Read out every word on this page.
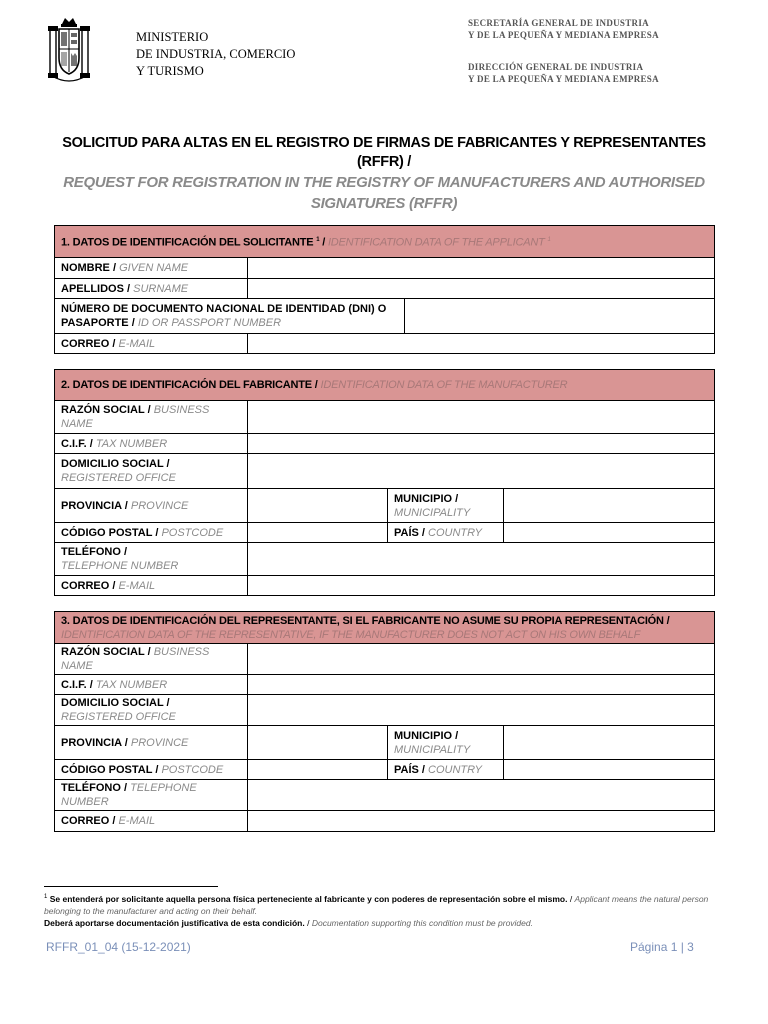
MINISTERIO
DE INDUSTRIA, COMERCIO
Y TURISMO
SECRETARÍA GENERAL DE INDUSTRIA
Y DE LA PEQUEÑA Y MEDIANA EMPRESA
DIRECCIÓN GENERAL DE INDUSTRIA
Y DE LA PEQUEÑA Y MEDIANA EMPRESA
SOLICITUD PARA ALTAS EN EL REGISTRO DE FIRMAS DE FABRICANTES Y REPRESENTANTES (RFFR) /
REQUEST FOR REGISTRATION IN THE REGISTRY OF MANUFACTURERS AND AUTHORISED
SIGNATURES (RFFR)
1. DATOS DE IDENTIFICACIÓN DEL SOLICITANTE $^1$ / IDENTIFICATION DATA OF THE APPLICANT $^1$
NOMBRE / GIVEN NAME		
APELLIDOS / SURNAME		
NÚMERO DE DOCUMENTO NACIONAL DE IDENTIDAD (DNI) O
PASAPORTE / ID OR PASSPORT NUMBER		
CORREO / E-MAIL		
2. DATOS DE IDENTIFICACIÓN DEL FABRICANTE / IDENTIFICATION DATA OF THE MANUFACTURER			
RAZÓN SOCIAL / BUSINESS NAME			
C.I.F. / TAX NUMBER			
DOMICILIO SOCIAL / REGISTERED OFFICE			
PROVINCIA / PROVINCE		MUNICIPIO /
MUNICIPALITY	
CÓDIGO POSTAL / POSTCODE		PAÍS / COUNTRY	
TELÉFONO /
TELEPHONE NUMBER			
CORREO / E-MAIL			
3. DATOS DE IDENTIFICACIÓN DEL REPRESENTANTE, SI EL FABRICANTE NO ASUME SU PROPIA REPRESENTACIÓN / IDENTIFICATION DATA OF THE REPRESENTATIVE, IF THE MANUFACTURER DOES NOT ACT ON HIS OWN BEHALF			
RAZÓN SOCIAL / BUSINESS NAME			
C.I.F. / TAX NUMBER			
DOMICILIO SOCIAL / REGISTERED OFFICE			
PROVINCIA / PROVINCE		MUNICIPIO /
MUNICIPALITY	
CÓDIGO POSTAL / POSTCODE		PAÍS / COUNTRY	
TELÉFONO / TELEPHONE NUMBER			
CORREO / E-MAIL			
$^1$ Se entenderá por solicitante aquella persona física perteneciente al fabricante y con poderes de representación sobre el mismo. / Applicant means the natural person belonging to the manufacturer and acting on their behalf.
Deberá aportarse documentación justificativa de esta condición. / Documentation supporting this condition must be provided.
RFFR_01_04 (15-12-2021)	Página 1 | 3
